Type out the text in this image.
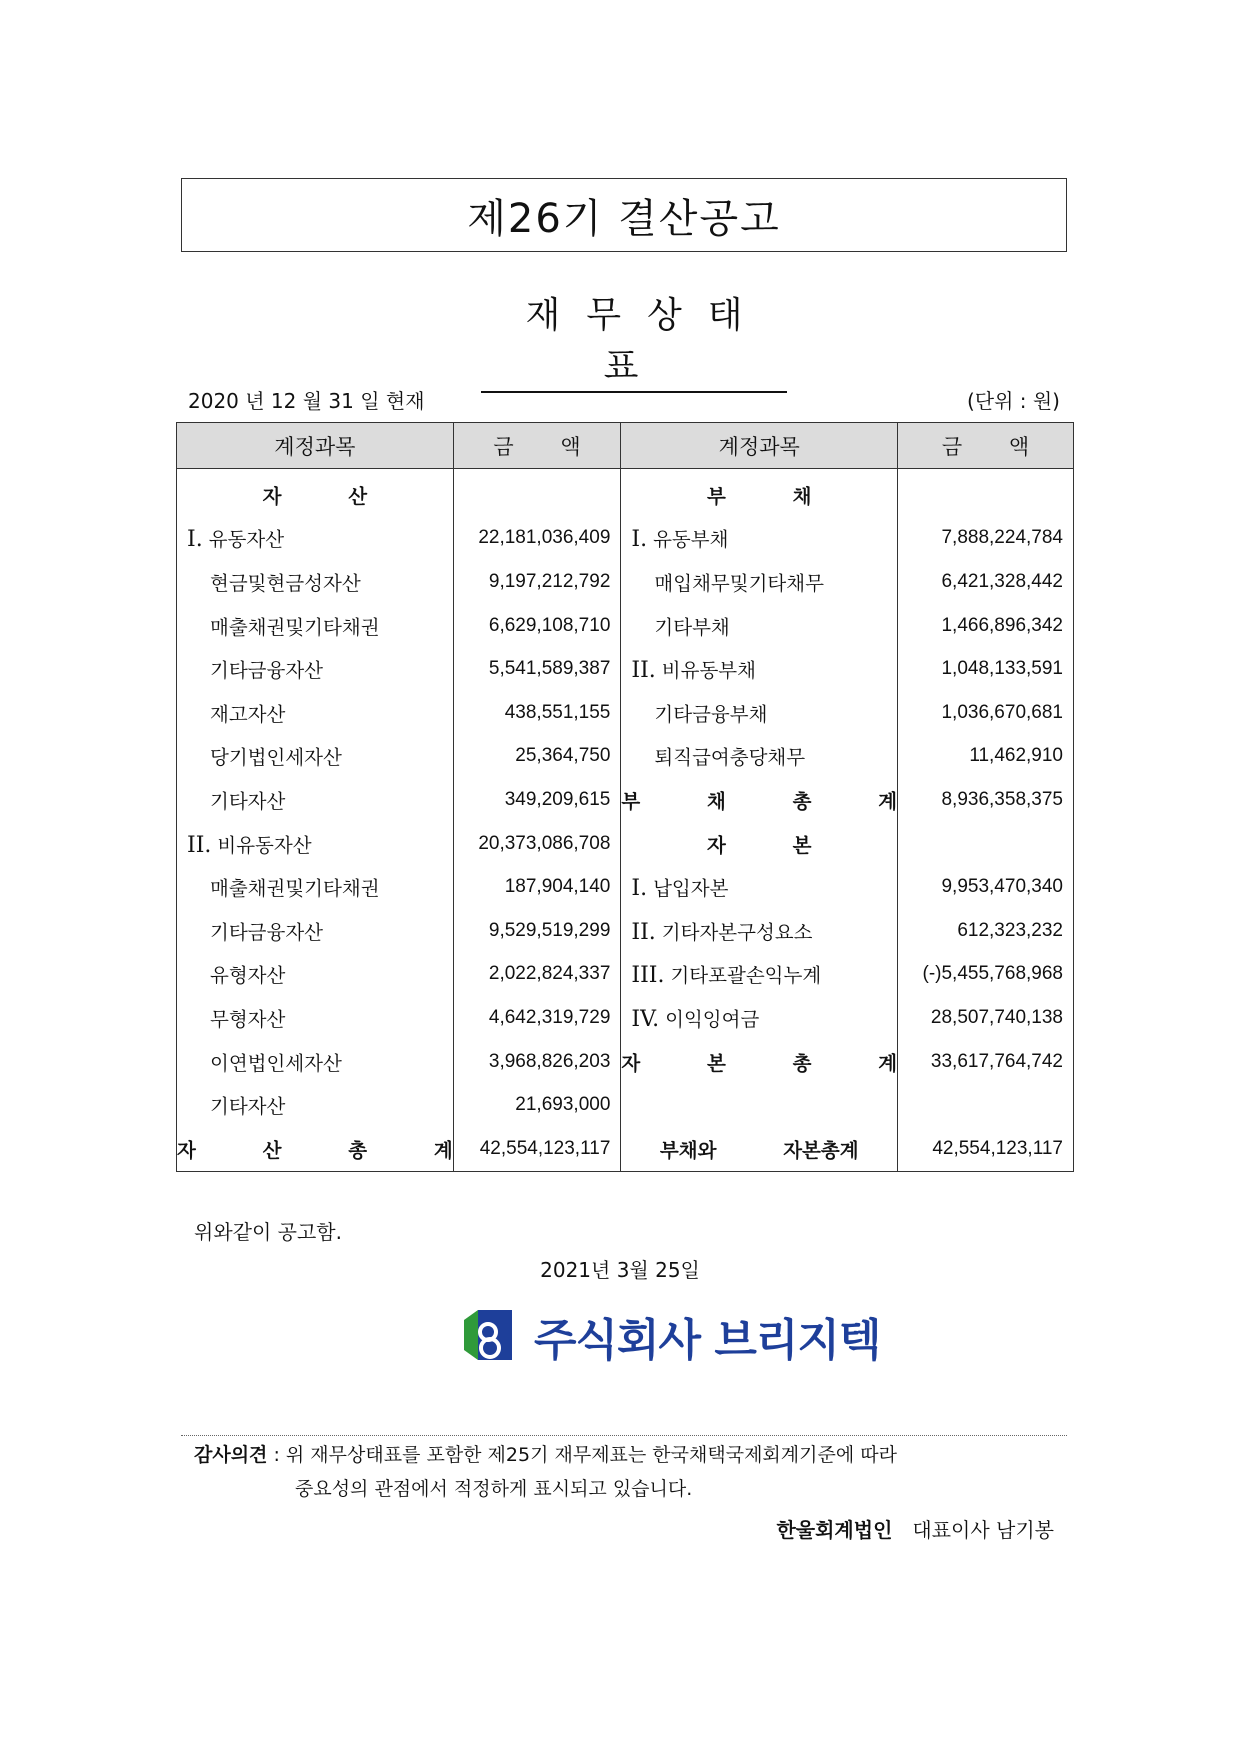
제26기 결산공고
재무상태표
2020 년 12 월 31 일 현재	(단위 : 원)
계정과목	금 액	계정과목	금 액
자 산		부 채	
I. 유동자산	22,181,036,409	I. 유동부채	7,888,224,784
현금및현금성자산	9,197,212,792	매입채무및기타채무	6,421,328,442
매출채권및기타채권	6,629,108,710	기타부채	1,466,896,342
기타금융자산	5,541,589,387	II. 비유동부채	1,048,133,591
재고자산	438,551,155	기타금융부채	1,036,670,681
당기법인세자산	25,364,750	퇴직급여충당채무	11,462,910
기타자산	349,209,615	부 채 총 계	8,936,358,375
II. 비유동자산	20,373,086,708	자 본	
매출채권및기타채권	187,904,140	I. 납입자본	9,953,470,340
기타금융자산	9,529,519,299	II. 기타자본구성요소	612,323,232
유형자산	2,022,824,337	III. 기타포괄손익누계	(-)5,455,768,968
무형자산	4,642,319,729	IV. 이익잉여금	28,507,740,138
이연법인세자산	3,968,826,203	자 본 총 계	33,617,764,742
기타자산	21,693,000		
자 산 총 계	42,554,123,117	부채와 자본총계	42,554,123,117
위와같이 공고함.
2021년 3월 25일
주식회사 브리지텍
감사의견 : 위 재무상태표를 포함한 제25기 재무제표는 한국채택국제회계기준에 따라
중요성의 관점에서 적정하게 표시되고 있습니다.
한울회계법인 대표이사 남기봉
